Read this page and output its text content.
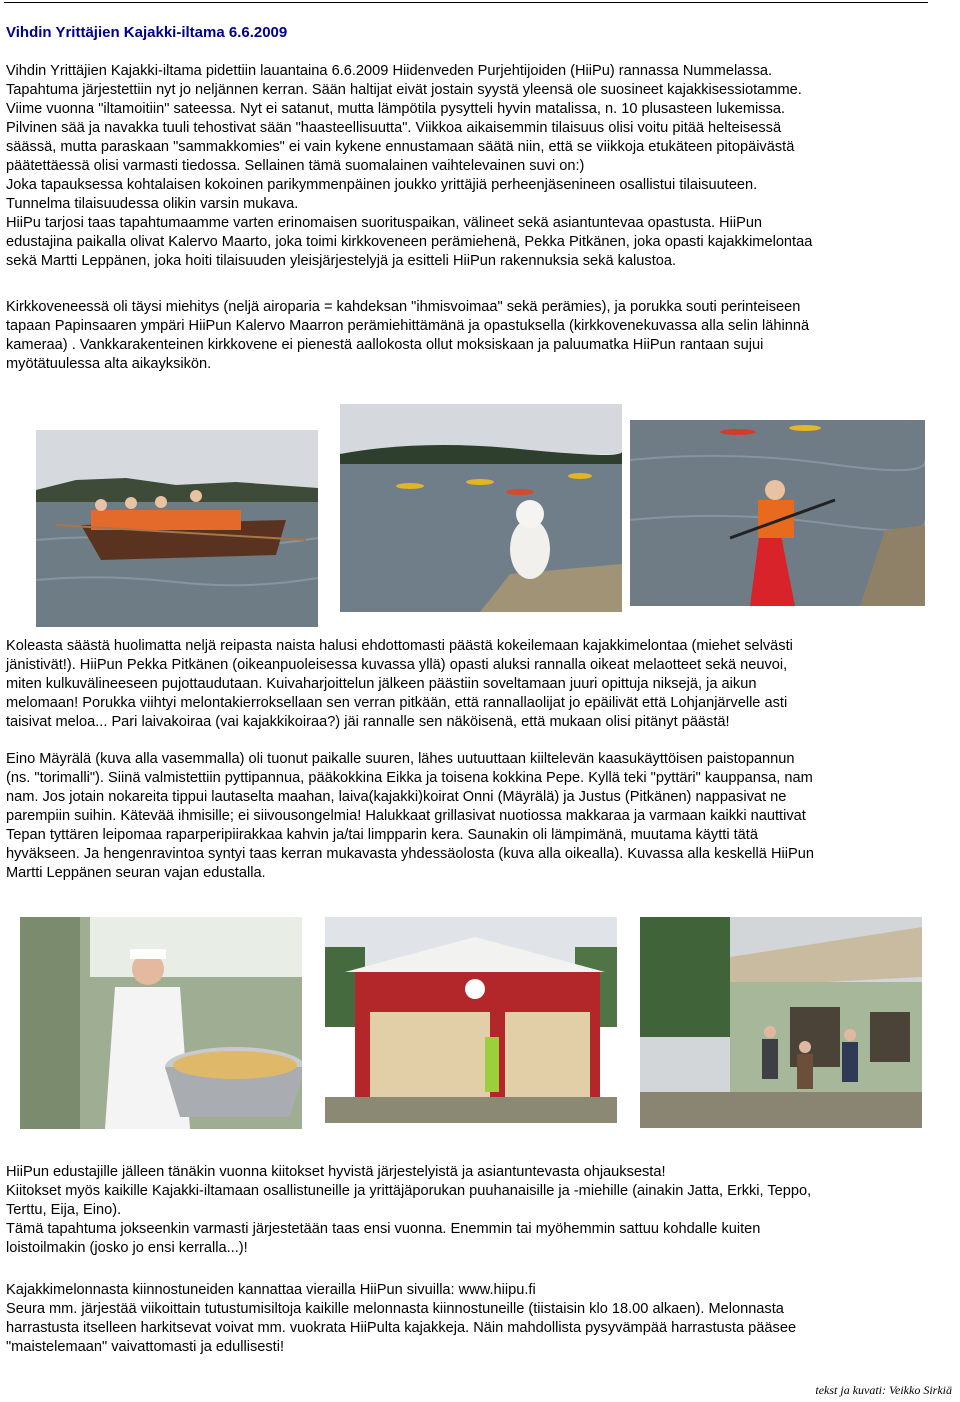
Vihdin Yrittäjien Kajakki-iltama 6.6.2009
Vihdin Yrittäjien Kajakki-iltama pidettiin lauantaina 6.6.2009 Hiidenveden Purjehtijoiden (HiiPu) rannassa Nummelassa.
Tapahtuma järjestettiin nyt jo neljännen kerran. Sään haltijat eivät jostain syystä yleensä ole suosineet kajakkisessiotamme.
Viime vuonna "iltamoitiin" sateessa. Nyt ei satanut, mutta lämpötila pysytteli hyvin matalissa, n. 10 plusasteen lukemissa.
Pilvinen sää ja navakka tuuli tehostivat sään "haasteellisuutta". Viikkoa aikaisemmin tilaisuus olisi voitu pitää helteisessä
säässä, mutta paraskaan "sammakkomies" ei vain kykene ennustamaan säätä niin, että se viikkoja etukäteen pitopäivästä
päätettäessä olisi varmasti tiedossa. Sellainen tämä suomalainen vaihtelevainen suvi on:)
Joka tapauksessa kohtalaisen kokoinen parikymmenpäinen joukko yrittäjiä perheenjäsenineen osallistui tilaisuuteen.
Tunnelma tilaisuudessa olikin varsin mukava.
HiiPu tarjosi taas tapahtumaamme varten erinomaisen suorituspaikan, välineet sekä asiantuntevaa opastusta. HiiPun
edustajina paikalla olivat Kalervo Maarto, joka toimi kirkkoveneen perämiehenä, Pekka Pitkänen, joka opasti kajakkimelontaa
sekä Martti Leppänen, joka hoiti tilaisuuden yleisjärjestelyjä ja esitteli HiiPun rakennuksia sekä kalustoa.
Kirkkoveneessä oli täysi miehitys (neljä airoparia = kahdeksan "ihmisvoimaa" sekä perämies), ja porukka souti perinteiseen
tapaan Papinsaaren ympäri HiiPun Kalervo Maarron perämiehittämänä ja opastuksella (kirkkovenekuvassa alla selin lähinnä
kameraa) . Vankkarakenteinen kirkkovene ei pienestä aallokosta ollut moksiskaan ja paluumatka HiiPun rantaan sujui
myötätuulessa alta aikayksikön.
Koleasta säästä huolimatta neljä reipasta naista halusi ehdottomasti päästä kokeilemaan kajakkimelontaa (miehet selvästi
jänistivät!). HiiPun Pekka Pitkänen (oikeanpuoleisessa kuvassa yllä) opasti aluksi rannalla oikeat melaotteet sekä neuvoi,
miten kulkuvälineeseen pujottaudutaan. Kuivaharjoittelun jälkeen päästiin soveltamaan juuri opittuja niksejä, ja aikun
melomaan! Porukka viihtyi melontakierroksellaan sen verran pitkään, että rannallaolijat jo epäilivät että Lohjanjärvelle asti
taisivat meloa... Pari laivakoiraa (vai kajakkikoiraa?) jäi rannalle sen näköisenä, että mukaan olisi pitänyt päästä!
Eino Mäyrälä (kuva alla vasemmalla) oli tuonut paikalle suuren, lähes uutuuttaan kiiltelevän kaasukäyttöisen paistopannun
(ns. "torimalli"). Siinä valmistettiin pyttipannua, pääkokkina Eikka ja toisena kokkina Pepe. Kyllä teki "pyttäri" kauppansa, nam
nam. Jos jotain nokareita tippui lautaselta maahan, laiva(kajakki)koirat Onni (Mäyrälä) ja Justus (Pitkänen) nappasivat ne
parempiin suihin. Kätevää ihmisille; ei siivousongelmia! Halukkaat grillasivat nuotiossa makkaraa ja varmaan kaikki nauttivat
Tepan tyttären leipomaa raparperipiirakkaa kahvin ja/tai limpparin kera. Saunakin oli lämpimänä, muutama käytti tätä
hyväkseen. Ja hengenravintoa syntyi taas kerran mukavasta yhdessäolosta (kuva alla oikealla). Kuvassa alla keskellä HiiPun
Martti Leppänen seuran vajan edustalla.
HiiPun edustajille jälleen tänäkin vuonna kiitokset hyvistä järjestelyistä ja asiantuntevasta ohjauksesta!
Kiitokset myös kaikille Kajakki-iltamaan osallistuneille ja yrittäjäporukan puuhanaisille ja -miehille (ainakin Jatta, Erkki, Teppo,
Terttu, Eija, Eino).
Tämä tapahtuma jokseenkin varmasti järjestetään taas ensi vuonna. Enemmin tai myöhemmin sattuu kohdalle kuiten
loistoilmakin (josko jo ensi kerralla...)!
Kajakkimelonnasta kiinnostuneiden kannattaa vierailla HiiPun sivuilla: www.hiipu.fi
Seura mm. järjestää viikoittain tutustumisiltoja kaikille melonnasta kiinnostuneille (tiistaisin klo 18.00 alkaen). Melonnasta
harrastusta itselleen harkitsevat voivat mm. vuokrata HiiPulta kajakkeja. Näin mahdollista pysyvämpää harrastusta pääsee
"maistelemaan" vaivattomasti ja edullisesti!
tekst ja kuvati: Veikko Sirkiä
